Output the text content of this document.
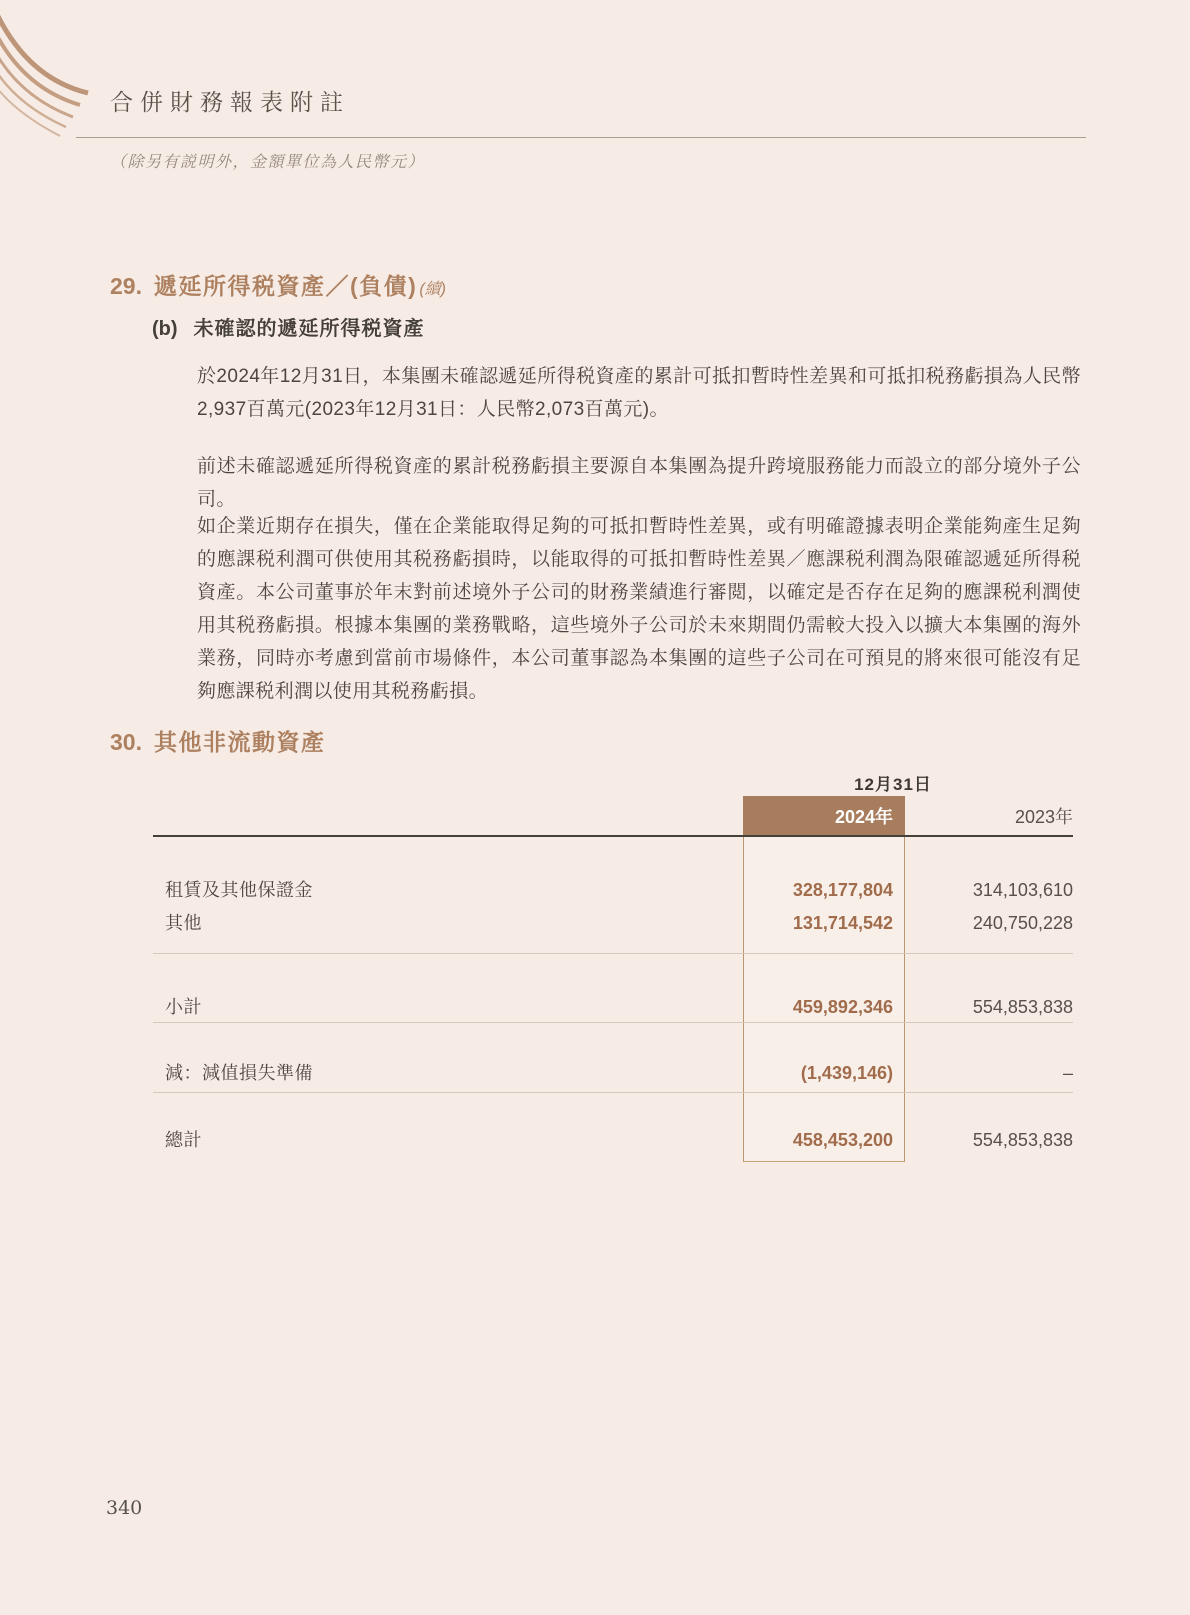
合併財務報表附註
（除另有説明外，金額單位為人民幣元）
29. 遞延所得税資產／(負債) (續)
(b) 未確認的遞延所得税資產

於2024年12月31日，本集團未確認遞延所得税資產的累計可抵扣暫時性差異和可抵扣税務虧損為人民幣2,937百萬元(2023年12月31日：人民幣2,073百萬元)。

前述未確認遞延所得税資產的累計税務虧損主要源自本集團為提升跨境服務能力而設立的部分境外子公司。

如企業近期存在損失，僅在企業能取得足夠的可抵扣暫時性差異，或有明確證據表明企業能夠產生足夠的應課税利潤可供使用其税務虧損時，以能取得的可抵扣暫時性差異／應課税利潤為限確認遞延所得税資產。本公司董事於年末對前述境外子公司的財務業績進行審閲，以確定是否存在足夠的應課税利潤使用其税務虧損。根據本集團的業務戰略，這些境外子公司於未來期間仍需較大投入以擴大本集團的海外業務，同時亦考慮到當前市場條件，本公司董事認為本集團的這些子公司在可預見的將來很可能沒有足夠應課税利潤以使用其税務虧損。

30. 其他非流動資產
12月31日
2024年	2023年
租賃及其他保證金	328,177,804	314,103,610
其他	131,714,542	240,750,228
小計	459,892,346	554,853,838
減：減值損失準備	(1,439,146)	–
總計	458,453,200	554,853,838
340
